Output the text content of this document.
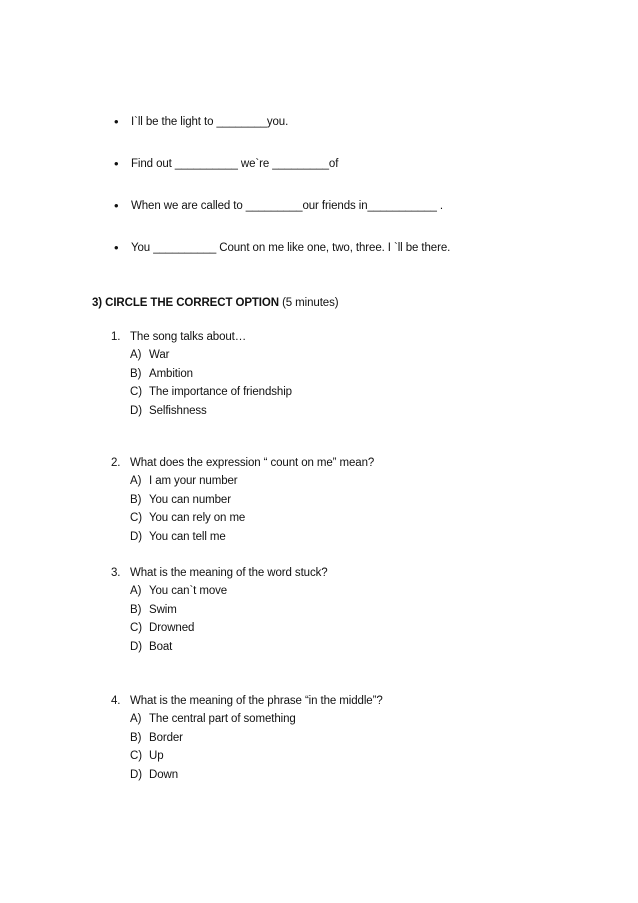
I`ll be the light to ________you.
Find out __________ we`re _________of
When we are called to _________our friends in___________ .
You __________ Count on me like one, two, three. I `ll be there.
3) CIRCLE THE CORRECT OPTION (5 minutes)
1. The song talks about…
A) War
B) Ambition
C) The importance of friendship
D) Selfishness
2. What does the expression “ count on me” mean?
A) I am your number
B) You can number
C) You can rely on me
D) You can tell me
3. What is the meaning of the word stuck?
A) You can`t move
B) Swim
C) Drowned
D) Boat
4. What is the meaning of the phrase “in the middle”?
A) The central part of something
B) Border
C) Up
D) Down
